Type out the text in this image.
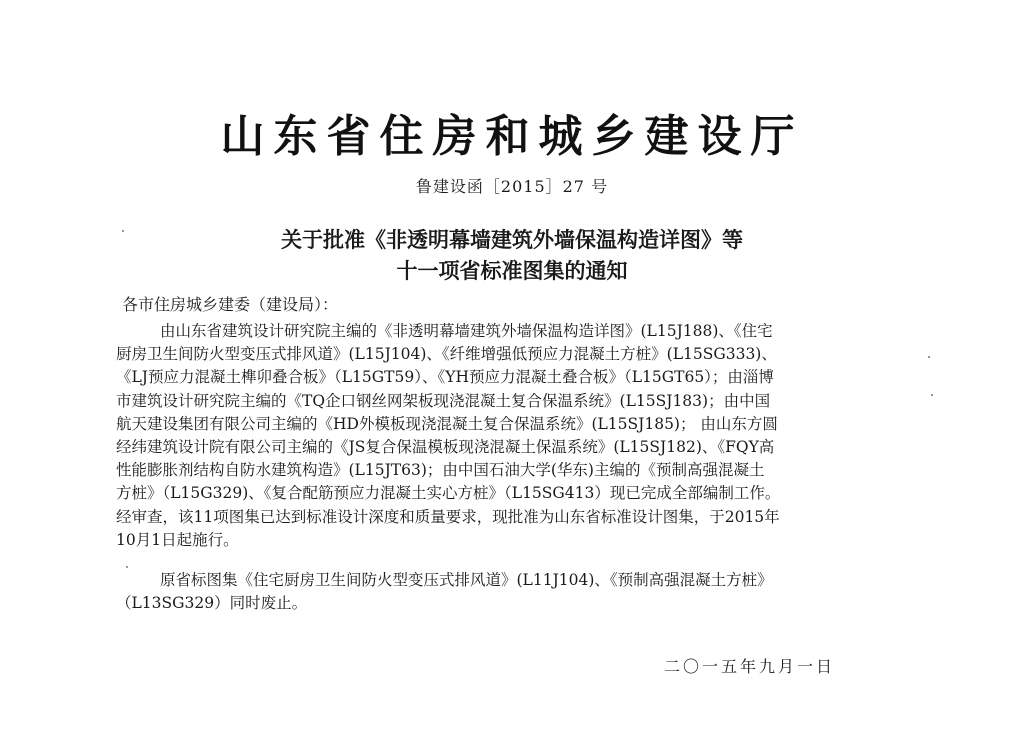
山东省住房和城乡建设厅
鲁建设函［2015］27 号
关于批准《非透明幕墙建筑外墙保温构造详图》等
十一项省标准图集的通知
各市住房城乡建委（建设局）：
由山东省建筑设计研究院主编的《非透明幕墙建筑外墙保温构造详图》(L15J188)、《住宅
厨房卫生间防火型变压式排风道》(L15J104)、《纤维增强低预应力混凝土方桩》(L15SG333)、
《LJ预应力混凝土榫卯叠合板》（L15GT59）、《YH预应力混凝土叠合板》（L15GT65）；由淄博
市建筑设计研究院主编的《TQ企口钢丝网架板现浇混凝土复合保温系统》(L15SJ183)；由中国
航天建设集团有限公司主编的《HD外模板现浇混凝土复合保温系统》(L15SJ185)； 由山东方圆
经纬建筑设计院有限公司主编的《JS复合保温模板现浇混凝土保温系统》(L15SJ182)、《FQY高
性能膨胀剂结构自防水建筑构造》(L15JT63)；由中国石油大学(华东)主编的《预制高强混凝土
方桩》（L15G329)、《复合配筋预应力混凝土实心方桩》（L15SG413）现已完成全部编制工作。
经审查，该11项图集已达到标准设计深度和质量要求，现批准为山东省标准设计图集，于2015年
10月1日起施行。
原省标图集《住宅厨房卫生间防火型变压式排风道》(L11J104)、《预制高强混凝土方桩》
（L13SG329）同时废止。
二〇一五年九月一日
